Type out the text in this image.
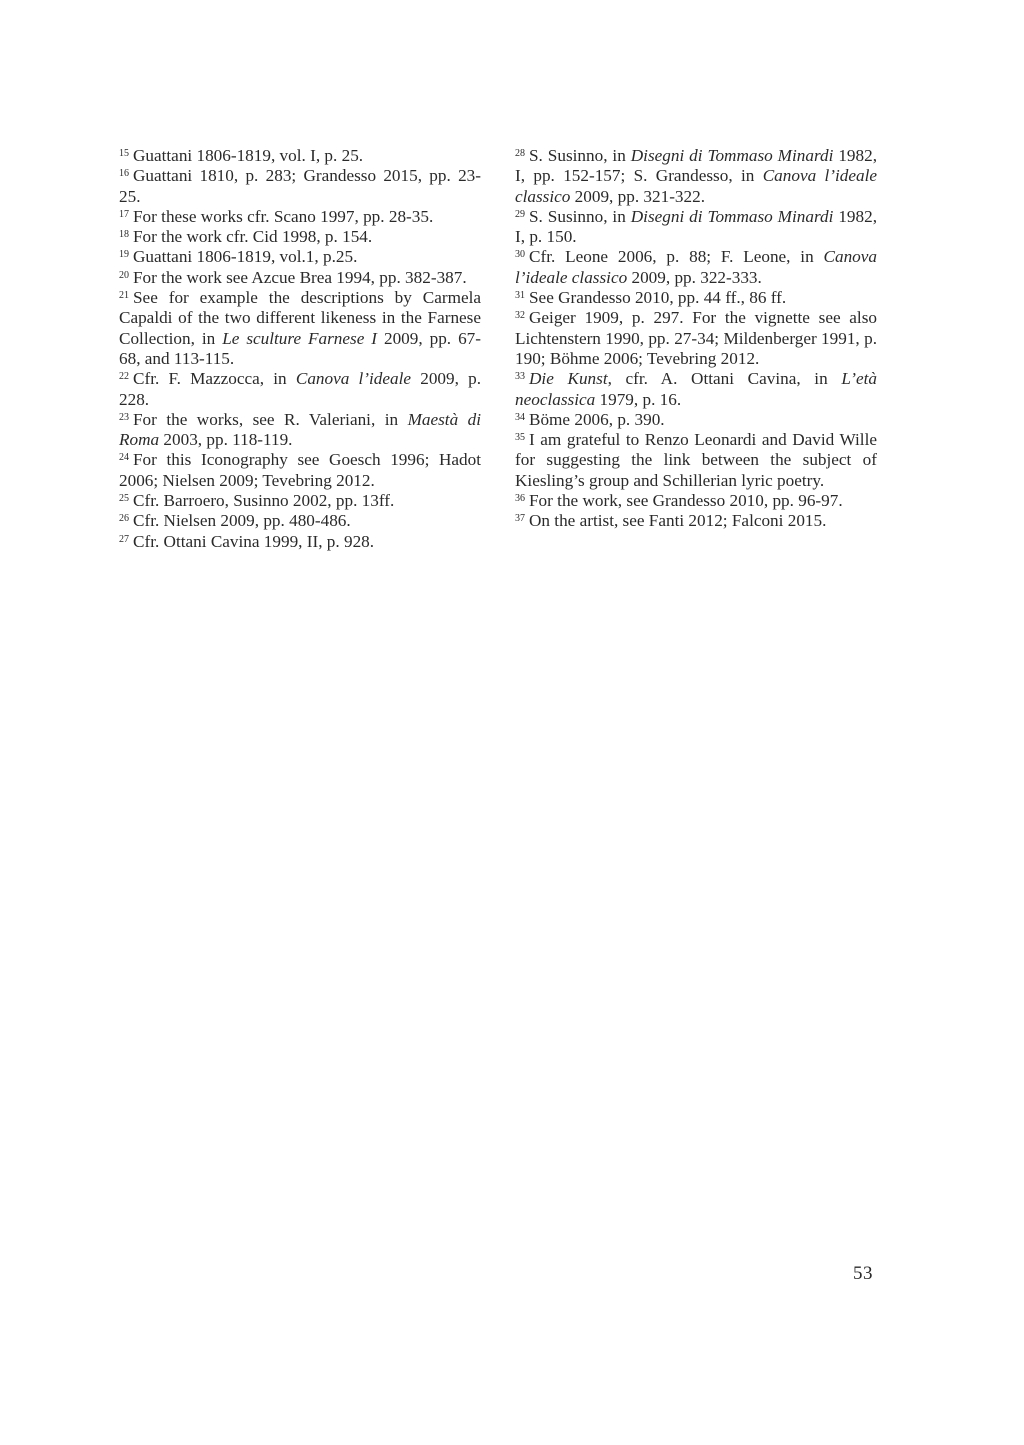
$^{15}$ Guattani 1806-1819, vol. I, p. 25.

$^{16}$ Guattani 1810, p. 283; Grandesso 2015, pp. 23-25.

$^{17}$ For these works cfr. Scano 1997, pp. 28-35.

$^{18}$ For the work cfr. Cid 1998, p. 154.

$^{19}$ Guattani 1806-1819, vol.1, p.25.

$^{20}$ For the work see Azcue Brea 1994, pp. 382-387.

$^{21}$ See for example the descriptions by Carmela Capaldi of the two different likeness in the Farnese Collection, in Le sculture Farnese I 2009, pp. 67-68, and 113-115.

$^{22}$ Cfr. F. Mazzocca, in Canova l’ideale 2009, p. 228.

$^{23}$ For the works, see R. Valeriani, in Maestà di Roma 2003, pp. 118-119.

$^{24}$ For this Iconography see Goesch 1996; Hadot 2006; Nielsen 2009; Tevebring 2012.

$^{25}$ Cfr. Barroero, Susinno 2002, pp. 13ff.

$^{26}$ Cfr. Nielsen 2009, pp. 480-486.

$^{27}$ Cfr. Ottani Cavina 1999, II, p. 928.

$^{28}$ S. Susinno, in Disegni di Tommaso Minardi 1982, I, pp. 152-157; S. Grandesso, in Canova l’ideale classico 2009, pp. 321-322.

$^{29}$ S. Susinno, in Disegni di Tommaso Minardi 1982, I, p. 150.

$^{30}$ Cfr. Leone 2006, p. 88; F. Leone, in Canova l’ideale classico 2009, pp. 322-333.

$^{31}$ See Grandesso 2010, pp. 44 ff., 86 ff.

$^{32}$ Geiger 1909, p. 297. For the vignette see also Lichtenstern 1990, pp. 27-34; Mildenberger 1991, p. 190; Böhme 2006; Tevebring 2012.

$^{33}$ Die Kunst, cfr. A. Ottani Cavina, in L’età neoclassica 1979, p. 16.

$^{34}$ Böme 2006, p. 390.

$^{35}$ I am grateful to Renzo Leonardi and David Wille for suggesting the link between the subject of Kiesling’s group and Schillerian lyric poetry.

$^{36}$ For the work, see Grandesso 2010, pp. 96-97.

$^{37}$ On the artist, see Fanti 2012; Falconi 2015.

53
